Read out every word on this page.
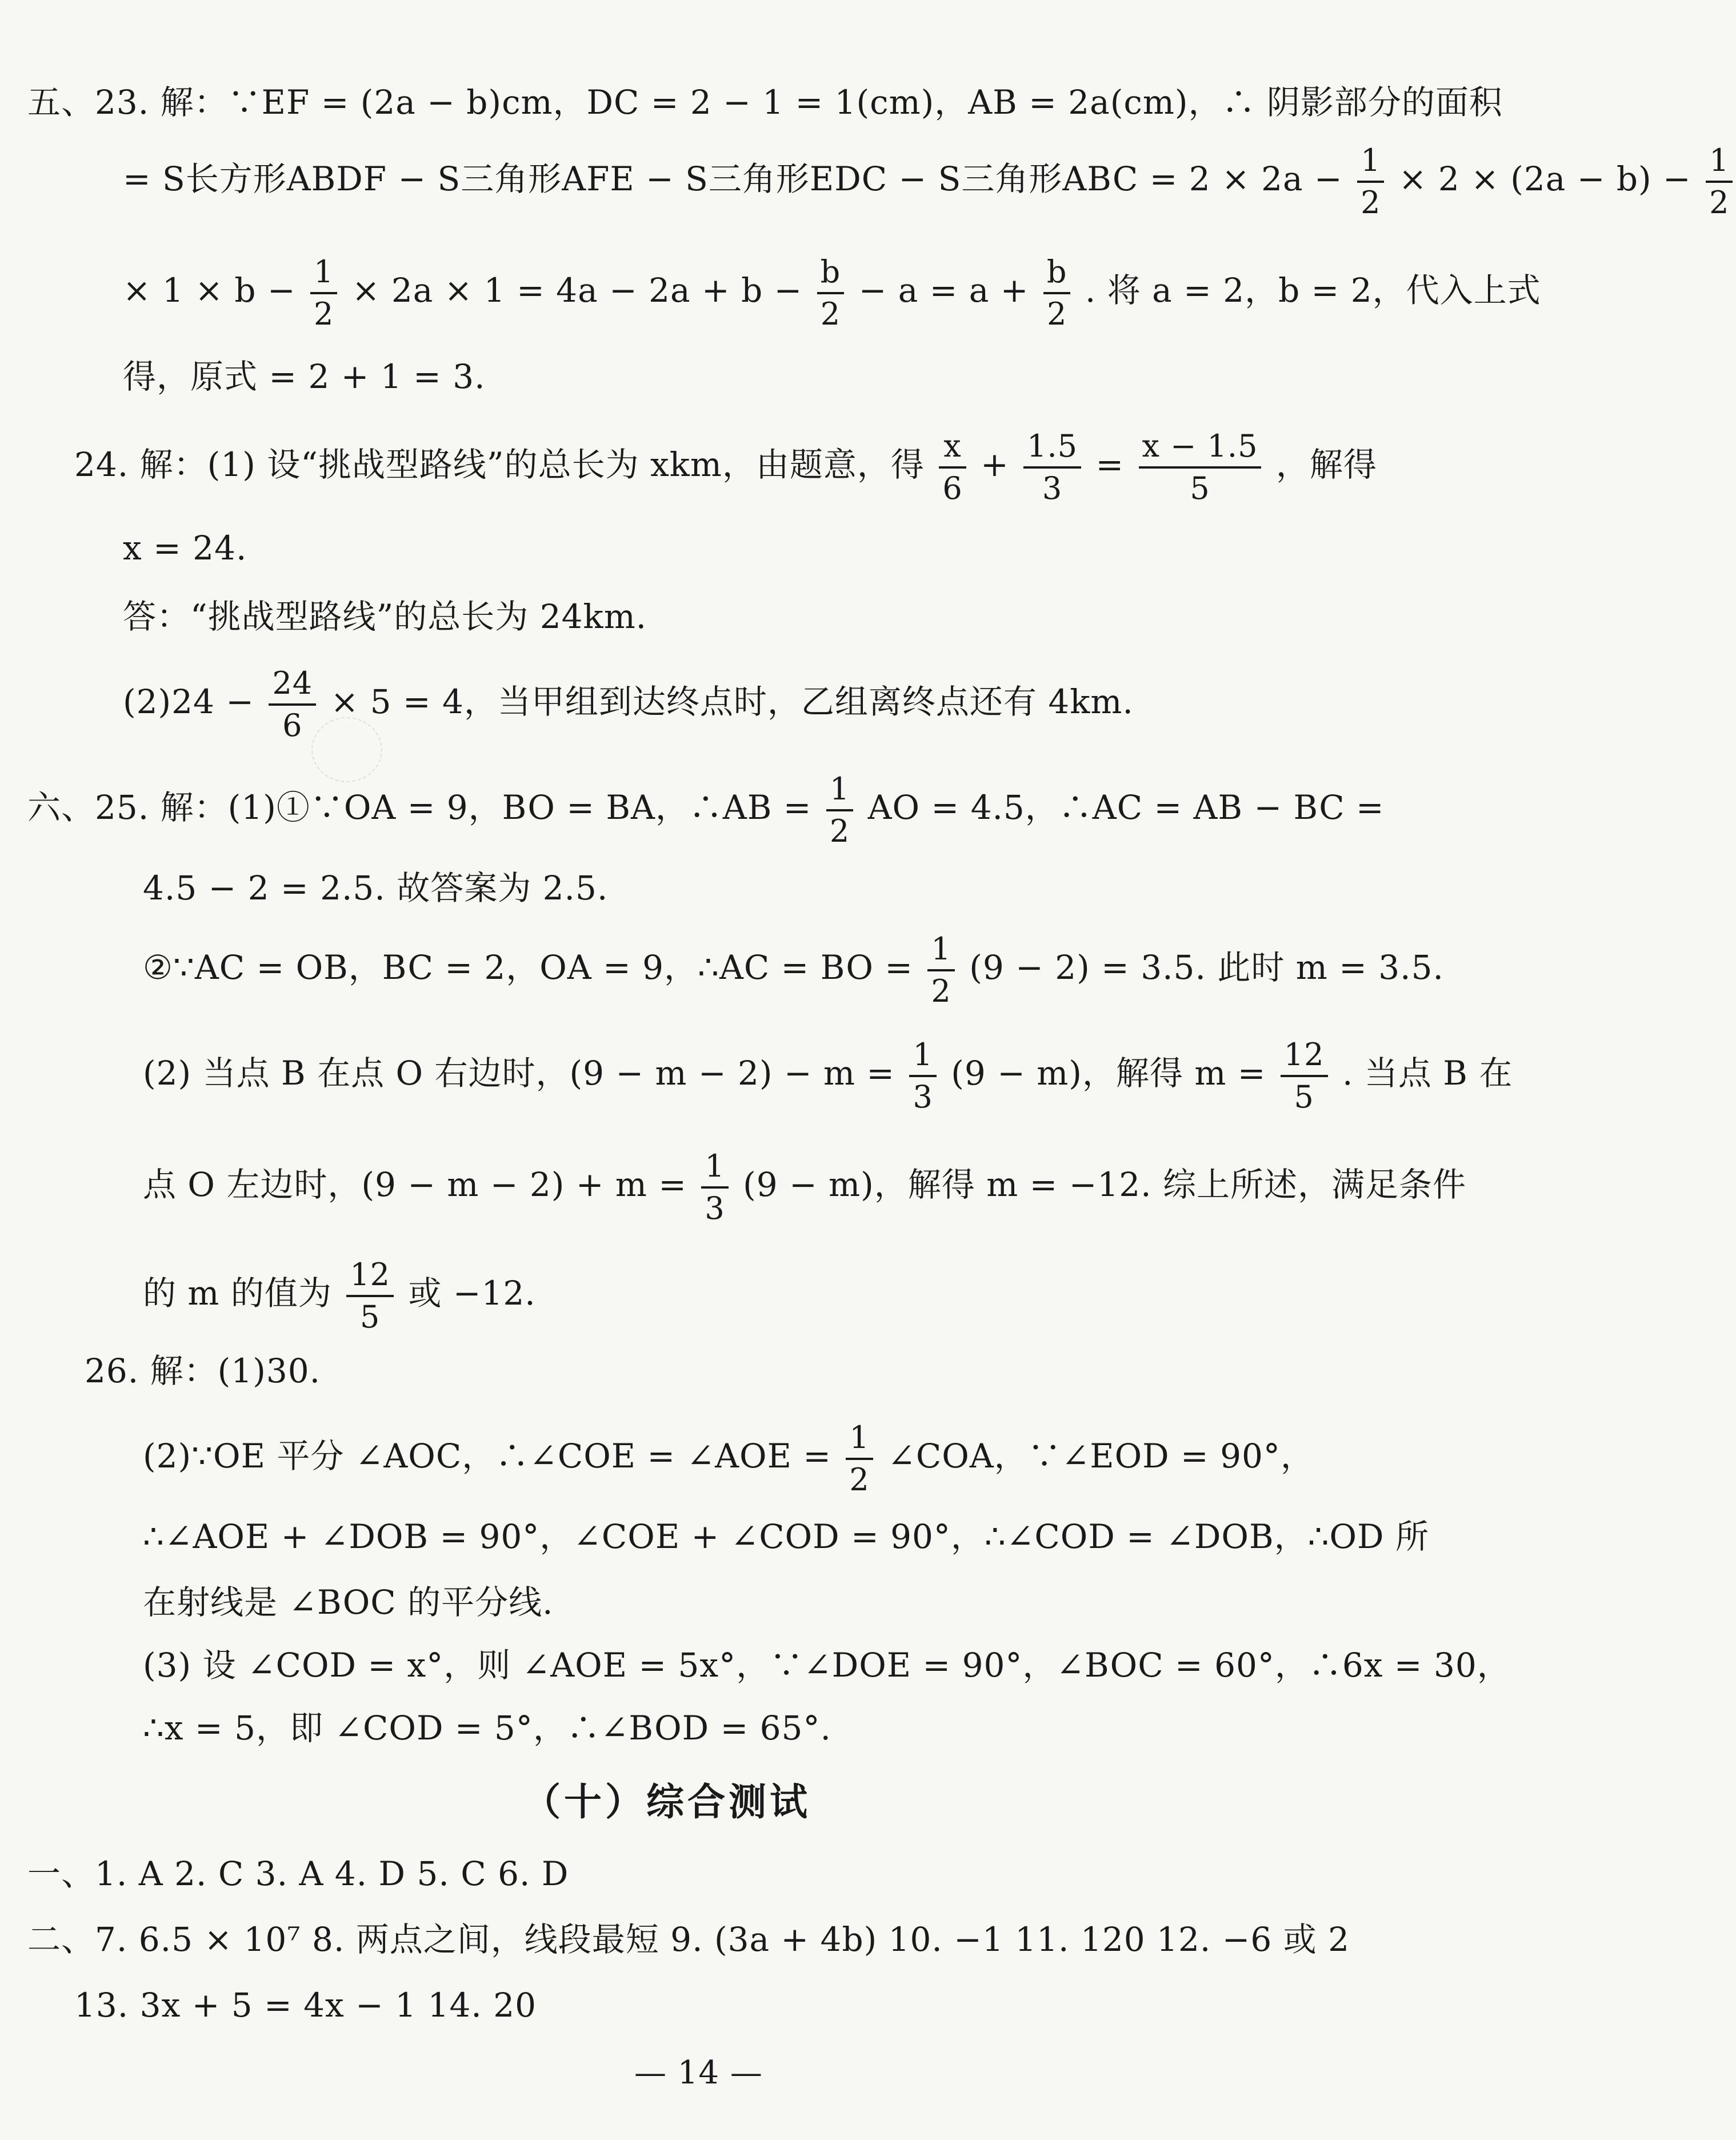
五、23. 解：∵EF = (2a − b)cm，DC = 2 − 1 = 1(cm)，AB = 2a(cm)，∴ 阴影部分的面积
= S长方形ABDF − S三角形AFE − S三角形EDC − S三角形ABC = $2 \times 2a - \frac{1}{2} \times 2 \times (2a - b) - \frac{1}{2}$
× $1 \times b - \frac{1}{2} \times 2a \times 1 = 4a - 2a + b - \frac{b}{2} - a = a + \frac{b}{2}$ . 将 a = 2，b = 2，代入上式
得，原式 = 2 + 1 = 3.
24. 解：(1) 设“挑战型路线”的总长为 xkm，由题意，得 $\frac{x}{6} + \frac{1.5}{3} = \frac{x - 1.5}{5}$ ，解得
x = 24.
答：“挑战型路线”的总长为 24km.
$(2)24 - \frac{24}{6} \times 5 = 4$，当甲组到达终点时，乙组离终点还有 4km.
六、25. 解：(1)①∵OA = 9，BO = BA，∴AB = $\frac{1}{2}$ AO = 4.5，∴AC = AB − BC =
4.5 − 2 = 2.5. 故答案为 2.5.
②∵AC = OB，BC = 2，OA = 9，∴AC = BO = $\frac{1}{2} (9 - 2) = 3.5$. 此时 m = 3.5.
(2) 当点 B 在点 O 右边时，$(9 - m - 2) - m = \frac{1}{3} (9 - m)$，解得 $m = \frac{12}{5}$ . 当点 B 在
点 O 左边时，$(9 - m - 2) + m = \frac{1}{3} (9 - m)$，解得 m = −12. 综上所述，满足条件
的 m 的值为 $\frac{12}{5}$ 或 −12.
26. 解：(1)30.
(2)∵OE 平分 ∠AOC，∴∠COE = ∠AOE = $\frac{1}{2}$ ∠COA，∵∠EOD = 90°，
∴∠AOE + ∠DOB = 90°，∠COE + ∠COD = 90°，∴∠COD = ∠DOB，∴OD 所
在射线是 ∠BOC 的平分线.
(3) 设 ∠COD = x°，则 ∠AOE = 5x°，∵∠DOE = 90°，∠BOC = 60°，∴6x = 30，
∴x = 5，即 ∠COD = 5°，∴∠BOD = 65°.
（十）综合测试
一、1. A 2. C 3. A 4. D 5. C 6. D
二、7. 6.5 × 10⁷ 8. 两点之间，线段最短 9. (3a + 4b) 10. −1 11. 120 12. −6 或 2
13. 3x + 5 = 4x − 1 14. 20
— 14 —
